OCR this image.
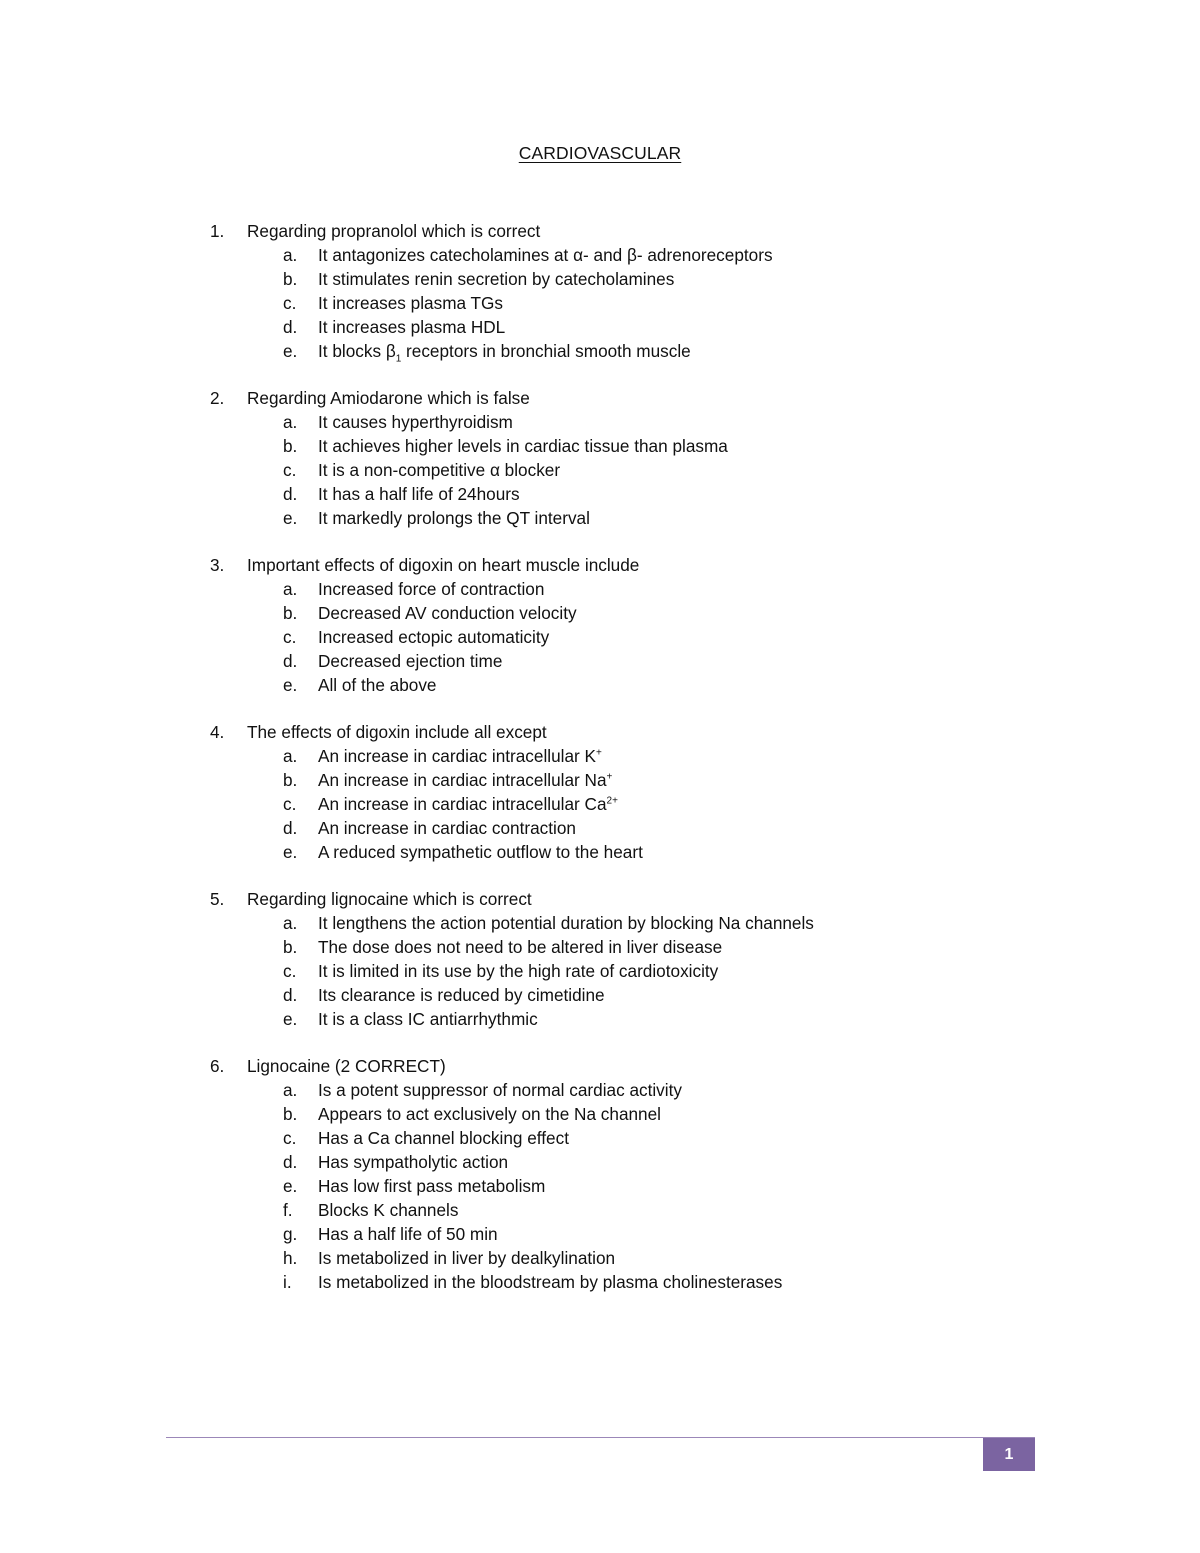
CARDIOVASCULAR
1.	Regarding propranolol which is correct
a.	It antagonizes catecholamines at α- and β- adrenoreceptors
b.	It stimulates renin secretion by catecholamines
c.	It increases plasma TGs
d.	It increases plasma HDL
e.	It blocks $\beta_1$ receptors in bronchial smooth muscle
2.	Regarding Amiodarone which is false
a.	It causes hyperthyroidism
b.	It achieves higher levels in cardiac tissue than plasma
c.	It is a non-competitive α blocker
d.	It has a half life of 24hours
e.	It markedly prolongs the QT interval
3.	Important effects of digoxin on heart muscle include
a.	Increased force of contraction
b.	Decreased AV conduction velocity
c.	Increased ectopic automaticity
d.	Decreased ejection time
e.	All of the above
4.	The effects of digoxin include all except
a.	An increase in cardiac intracellular K+
b.	An increase in cardiac intracellular Na+
c.	An increase in cardiac intracellular $Ca^{2+}$
d.	An increase in cardiac contraction
e.	A reduced sympathetic outflow to the heart
5.	Regarding lignocaine which is correct
a.	It lengthens the action potential duration by blocking Na channels
b.	The dose does not need to be altered in liver disease
c.	It is limited in its use by the high rate of cardiotoxicity
d.	Its clearance is reduced by cimetidine
e.	It is a class IC antiarrhythmic
6.	Lignocaine (2 CORRECT)
a.	Is a potent suppressor of normal cardiac activity
b.	Appears to act exclusively on the Na channel
c.	Has a Ca channel blocking effect
d.	Has sympatholytic action
e.	Has low first pass metabolism
f.	Blocks K channels
g.	Has a half life of 50 min
h.	Is metabolized in liver by dealkylination
i.	Is metabolized in the bloodstream by plasma cholinesterases
1
